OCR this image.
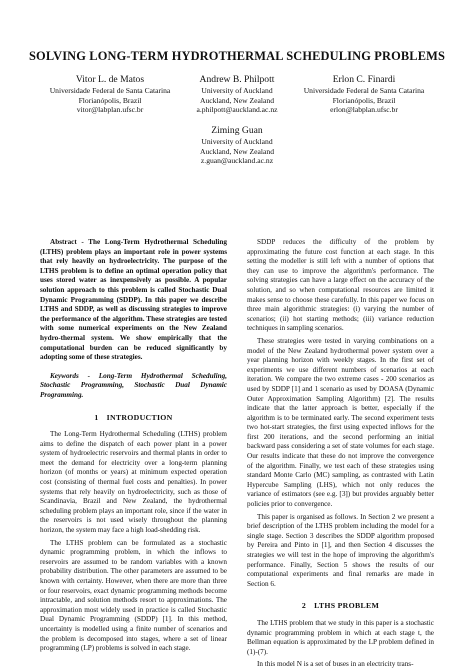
SOLVING LONG-TERM HYDROTHERMAL SCHEDULING PROBLEMS
Vitor L. de Matos
Universidade Federal de Santa Catarina
Florianópolis, Brazil
vitor@labplan.ufsc.br
Andrew B. Philpott
University of Auckland
Auckland, New Zealand
a.philpott@auckland.ac.nz
Erlon C. Finardi
Universidade Federal de Santa Catarina
Florianópolis, Brazil
erlon@labplan.ufsc.br
Ziming Guan
University of Auckland
Auckland, New Zealand
z.guan@auckland.ac.nz

Abstract - The Long-Term Hydrothermal Scheduling (LTHS) problem plays an important role in power systems that rely heavily on hydroelectricity. The purpose of the LTHS problem is to define an optimal operation policy that uses stored water as inexpensively as possible. A popular solution approach to this problem is called Stochastic Dual Dynamic Programming (SDDP). In this paper we describe LTHS and SDDP, as well as discussing strategies to improve the performance of the algorithm. These strategies are tested with some numerical experiments on the New Zealand hydro-thermal system. We show empirically that the computational burden can be reduced significantly by adopting some of these strategies.

Keywords - Long-Term Hydrothermal Scheduling, Stochastic Programming, Stochastic Dual Dynamic Programming.

1 INTRODUCTION

The Long-Term Hydrothermal Scheduling (LTHS) problem aims to define the dispatch of each power plant in a power system of hydroelectric reservoirs and thermal plants in order to meet the demand for electricity over a long-term planning horizon (of months or years) at minimum expected operation cost (consisting of thermal fuel costs and penalties). In power systems that rely heavily on hydroelectricity, such as those of Scandinavia, Brazil and New Zealand, the hydrothermal scheduling problem plays an important role, since if the water in the reservoirs is not used wisely throughout the planning horizon, the system may face a high load-shedding risk.

The LTHS problem can be formulated as a stochastic dynamic programming problem, in which the inflows to reservoirs are assumed to be random variables with a known probability distribution. The other parameters are assumed to be known with certainty. However, when there are more than three or four reservoirs, exact dynamic programming methods become intractable, and solution methods resort to approximations. The approximation most widely used in practice is called Stochastic Dual Dynamic Programming (SDDP) [1]. In this method, uncertainty is modelled using a finite number of scenarios and the problem is decomposed into stages, where a set of linear programming (LP) problems is solved in each stage.

SDDP reduces the difficulty of the problem by approximating the future cost function at each stage. In this setting the modeller is still left with a number of options that they can use to improve the algorithm's performance. The solving strategies can have a large effect on the accuracy of the solution, and so when computational resources are limited it makes sense to choose these carefully. In this paper we focus on three main algorithmic strategies: (i) varying the number of scenarios; (ii) hot starting methods; (iii) variance reduction techniques in sampling scenarios.

These strategies were tested in varying combinations on a model of the New Zealand hydrothermal power system over a year planning horizon with weekly stages. In the first set of experiments we use different numbers of scenarios at each iteration. We compare the two extreme cases - 200 scenarios as used by SDDP [1] and 1 scenario as used by DOASA (Dynamic Outer Approximation Sampling Algorithm) [2]. The results indicate that the latter approach is better, especially if the algorithm is to be terminated early. The second experiment tests two hot-start strategies, the first using expected inflows for the first 200 iterations, and the second performing an initial backward pass considering a set of state volumes for each stage. Our results indicate that these do not improve the convergence of the algorithm. Finally, we test each of these strategies using standard Monte Carlo (MC) sampling, as contrasted with Latin Hypercube Sampling (LHS), which not only reduces the variance of estimators (see e.g. [3]) but provides arguably better policies prior to convergence.

This paper is organised as follows. In Section 2 we present a brief description of the LTHS problem including the model for a single stage. Section 3 describes the SDDP algorithm proposed by Pereira and Pinto in [1], and then Section 4 discusses the strategies we will test in the hope of improving the algorithm's performance. Finally, Section 5 shows the results of our computational experiments and final remarks are made in Section 6.

2 LTHS PROBLEM

The LTHS problem that we study in this paper is a stochastic dynamic programming problem in which at each stage t, the Bellman equation is approximated by the LP problem defined in (1)-(7).

In this model N is a set of buses in an electricity trans-
